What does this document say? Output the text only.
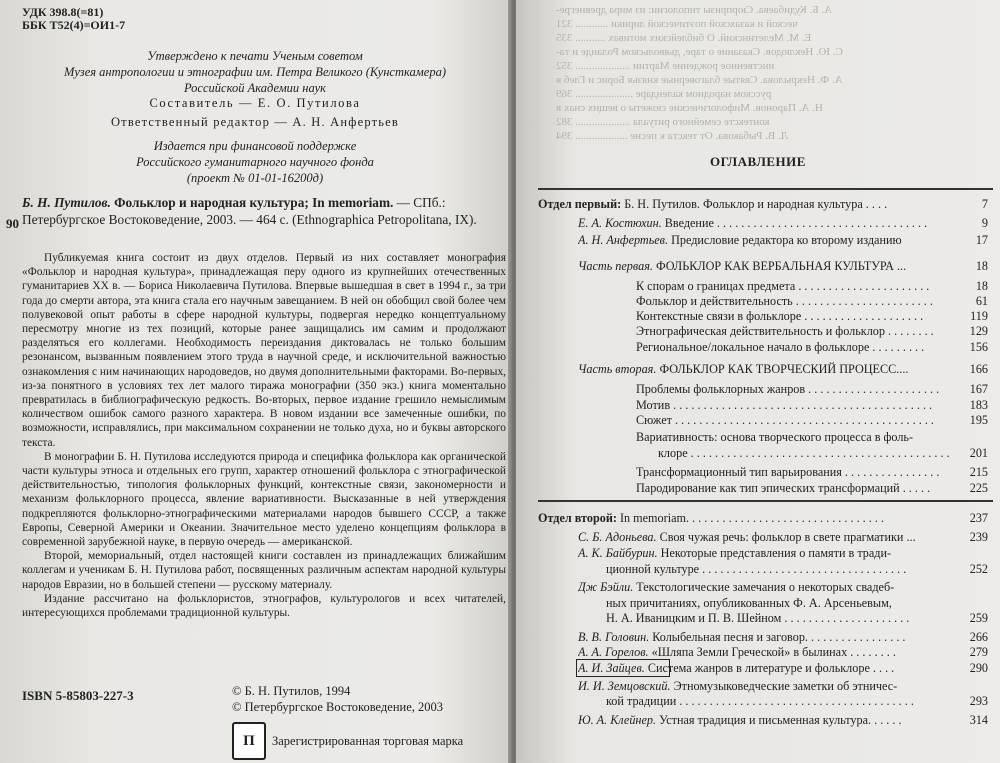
УДК 398.8(=81)
ББК Т52(4)=ОИ1-7
Утверждено к печати Ученым советом
Музея антропологии и этнографии им. Петра Великого (Кунсткамера)
Российской Академии наук
Составитель — Е. О. Путилова
Ответственный редактор — А. Н. Анфертьев
Издается при финансовой поддержке
Российского гуманитарного научного фонда
(проект № 01-01-16200д)
90
Б. Н. Путилов. Фольклор и народная культура; In memoriam. — СПб.: Петербургское Востоковедение, 2003. — 464 с. (Ethnographica Petropolitana, IX).

Публикуемая книга состоит из двух отделов. Первый из них составляет монография «Фольклор и народная культура», принадлежащая перу одного из крупнейших отечественных гуманитариев XX в. — Бориса Николаевича Путилова. Впервые вышедшая в свет в 1994 г., за три года до смерти автора, эта книга стала его научным завещанием. В ней он обобщил свой более чем полувековой опыт работы в сфере народной культуры, подвергая нередко концептуальному пересмотру многие из тех позиций, которые ранее защищались им самим и продолжают разделяться его коллегами. Необходимость переиздания диктовалась не только большим резонансом, вызванным появлением этого труда в научной среде, и исключительной важностью ознакомления с ним начинающих народоведов, но двумя дополнительными факторами. Во-первых, из-за понятного в условиях тех лет малого тиража монографии (350 экз.) книга моментально превратилась в библиографическую редкость. Во-вторых, первое издание грешило немыслимым количеством ошибок самого разного характера. В новом издании все замеченные ошибки, по возможности, исправлялись, при максимальном сохранении не только духа, но и буквы авторского текста.

В монографии Б. Н. Путилова исследуются природа и специфика фольклора как органической части культуры этноса и отдельных его групп, характер отношений фольклора с этнографической действительностью, типология фольклорных функций, контекстные связи, закономерности и механизм фольклорного процесса, явление вариативности. Высказанные в ней утверждения подкрепляются фольклорно-этнографическими материалами народов бывшего СССР, а также Европы, Северной Америки и Океании. Значительное место уделено концепциям фольклора в современной зарубежной науке, в первую очередь — американской.

Второй, мемориальный, отдел настоящей книги составлен из принадлежащих ближайшим коллегам и ученикам Б. Н. Путилова работ, посвященных различным аспектам народной культуры народов Евразии, но в большей степени — русскому материалу.

Издание рассчитано на фольклористов, этнографов, культурологов и всех читателей, интересующихся проблемами традиционной культуры.

ISBN 5-85803-227-3	© Б. Н. Путилов, 1994
© Петербургское Востоковедение, 2003
П	Зарегистрированная торговая марка
А. Б. Кудибаева. Сюрпризы типологии: из мира древнегре-
ческой и казахской поэтической лирики ............ 321
Е. М. Мелетинский. О библейских мотивах ........... 335
С. Ю. Неклюдов. Сказание о таре, дьявольском Роланде и та-
инственное рождение Мартии .................... 352
А. Ф. Некрылова. Святые благоверные князья Борис и Глеб в
русском народном календаре ..................... 369
Н. А. Паронов. Мифологические сюжеты о вещих снах в
контексте семейного ритуала .................... 382
Л. В. Рыбакова. От текста к песне ................... 394
ОГЛАВЛЕНИЕ
Отдел первый: Б. Н. Путилов. Фольклор и народная культура . . . .	7
Е. А. Костюхин. Введение . . . . . . . . . . . . . . . . . . . . . . . . . . . . . . . . . . .	9
А. Н. Анфертьев. Предисловие редактора ко второму изданию	17
Часть первая. ФОЛЬКЛОР КАК ВЕРБАЛЬНАЯ КУЛЬТУРА ...	18
К спорам о границах предмета . . . . . . . . . . . . . . . . . . . . . .	18
Фольклор и действительность . . . . . . . . . . . . . . . . . . . . . . .	61
Контекстные связи в фольклоре . . . . . . . . . . . . . . . . . . . .	119
Этнографическая действительность и фольклор . . . . . . . .	129
Региональное/локальное начало в фольклоре . . . . . . . . .	156
Часть вторая. ФОЛЬКЛОР КАК ТВОРЧЕСКИЙ ПРОЦЕСС....	166
Проблемы фольклорных жанров . . . . . . . . . . . . . . . . . . . . . .	167
Мотив . . . . . . . . . . . . . . . . . . . . . . . . . . . . . . . . . . . . . . . . . . .	183
Сюжет . . . . . . . . . . . . . . . . . . . . . . . . . . . . . . . . . . . . . . . . . . .	195
Вариативность: основа творческого процесса в фоль-
клоре . . . . . . . . . . . . . . . . . . . . . . . . . . . . . . . . . . . . . . . . . . .	201
Трансформационный тип варьирования . . . . . . . . . . . . . . . .	215
Пародирование как тип эпических трансформаций . . . . .	225
Отдел второй: In memoriam. . . . . . . . . . . . . . . . . . . . . . . . . . . . . . . . .	237
С. Б. Адоньева. Своя чужая речь: фольклор в свете прагматики ...	239
А. К. Байбурин. Некоторые представления о памяти в тради-
ционной культуре . . . . . . . . . . . . . . . . . . . . . . . . . . . . . . . . . .	252
Дж Бэйли. Текстологические замечания о некоторых свадеб-
ных причитаниях, опубликованных Ф. А. Арсеньевым,
Н. А. Иваницким и П. В. Шейном . . . . . . . . . . . . . . . . . . . . .	259
В. В. Головин. Колыбельная песня и заговор. . . . . . . . . . . . . . . . .	266
А. А. Горелов. «Шляпа Земли Греческой» в былинах . . . . . . . .	279
А. И. Зайцев. Система жанров в литературе и фольклоре . . . .	290
И. И. Земцовский. Этномузыковедческие заметки об этничес-
кой традиции . . . . . . . . . . . . . . . . . . . . . . . . . . . . . . . . . . . . . . .	293
Ю. А. Клейнер. Устная традиция и письменная культура. . . . . .	314
